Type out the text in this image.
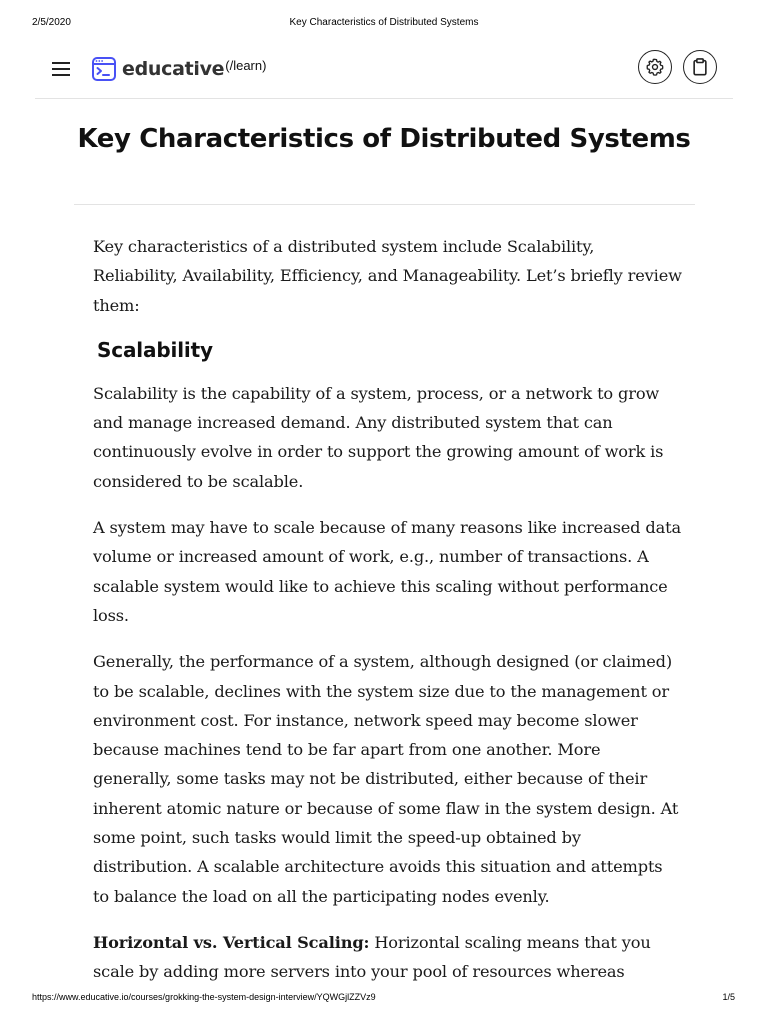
2/5/2020	Key Characteristics of Distributed Systems
educative (/learn)
Key Characteristics of Distributed Systems

Key characteristics of a distributed system include Scalability, Reliability, Availability, Efficiency, and Manageability. Let’s briefly review them:

Scalability

Scalability is the capability of a system, process, or a network to grow and manage increased demand. Any distributed system that can continuously evolve in order to support the growing amount of work is considered to be scalable.

A system may have to scale because of many reasons like increased data volume or increased amount of work, e.g., number of transactions. A scalable system would like to achieve this scaling without performance loss.

Generally, the performance of a system, although designed (or claimed) to be scalable, declines with the system size due to the management or environment cost. For instance, network speed may become slower because machines tend to be far apart from one another. More generally, some tasks may not be distributed, either because of their inherent atomic nature or because of some flaw in the system design. At some point, such tasks would limit the speed-up obtained by distribution. A scalable architecture avoids this situation and attempts to balance the load on all the participating nodes evenly.

Horizontal vs. Vertical Scaling: Horizontal scaling means that you scale by adding more servers into your pool of resources whereas

https://www.educative.io/courses/grokking-the-system-design-interview/YQWGjlZZVz9	1/5
